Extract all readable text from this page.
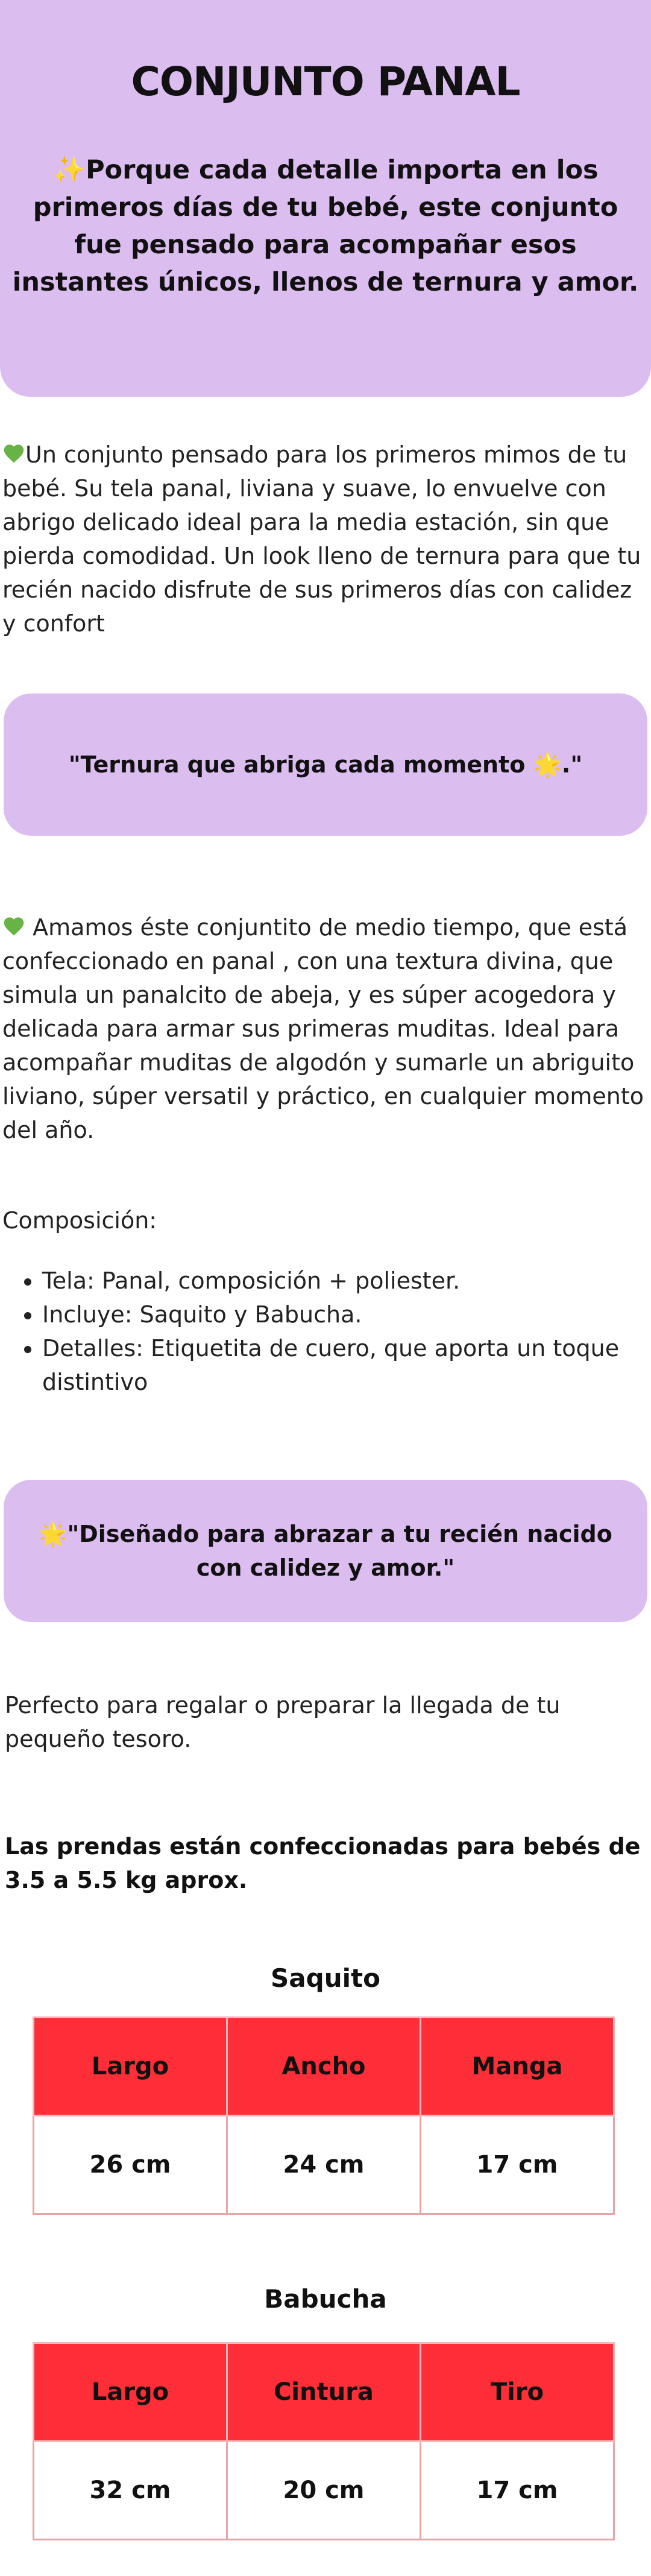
CONJUNTO PANAL
✨Porque cada detalle importa en los primeros días de tu bebé, este conjunto fue pensado para acompañar esos instantes únicos, llenos de ternura y amor.
Un conjunto pensado para los primeros mimos de tu bebé. Su tela panal, liviana y suave, lo envuelve con abrigo delicado ideal para la media estación, sin que pierda comodidad. Un look lleno de ternura para que tu recién nacido disfrute de sus primeros días con calidez y confort
"Ternura que abriga cada momento 🌟."
Amamos éste conjuntito de medio tiempo, que está confeccionado en panal , con una textura divina, que simula un panalcito de abeja, y es súper acogedora y delicada para armar sus primeras muditas. Ideal para acompañar muditas de algodón y sumarle un abriguito liviano, súper versatil y práctico, en cualquier momento del año.
Composición:
• Tela: Panal, composición + poliester.
• Incluye: Saquito y Babucha.
• Detalles: Etiquetita de cuero, que aporta un toque distintivo
🌟"Diseñado para abrazar a tu recién nacido con calidez y amor."
Perfecto para regalar o preparar la llegada de tu pequeño tesoro.
Las prendas están confeccionadas para bebés de 3.5 a 5.5 kg aprox.
Saquito
Largo	Ancho	Manga
26 cm	24 cm	17 cm
Babucha
Largo	Cintura	Tiro
32 cm	20 cm	17 cm
